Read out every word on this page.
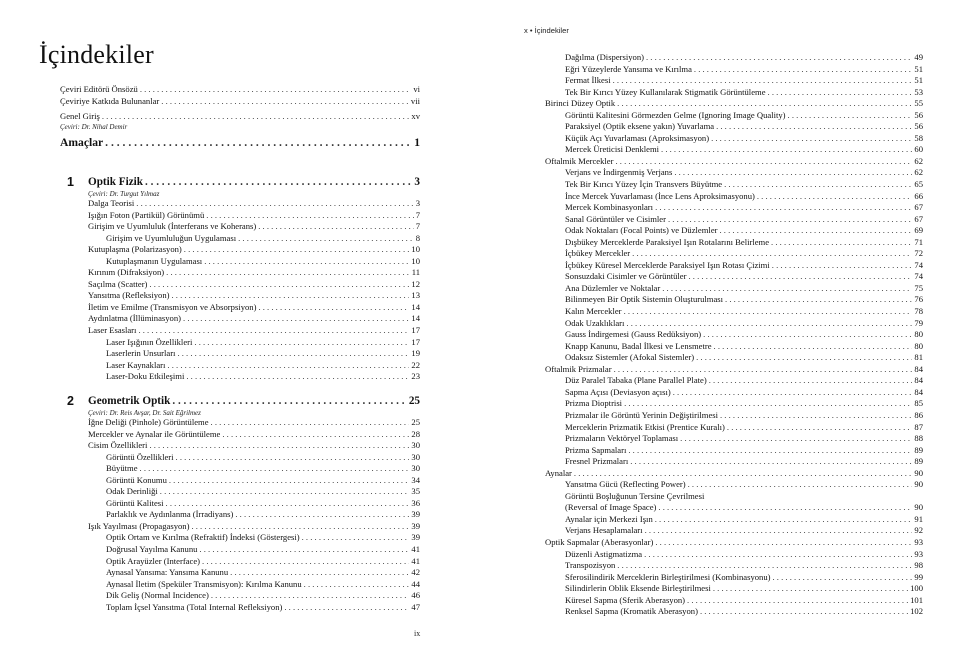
İçindekiler
x • İçindekiler
ix
Çeviri Editörü Önsözü . . .	vi
Çeviriye Katkıda Bulunanlar . . .	vii
Genel Giriş . . .	xv
Çeviri: Dr. Nihal Demir
Amaçlar . . .	1
1 Optik Fizik . . .	3
Çeviri: Dr. Turgut Yılmaz
Dalga Teorisi . . .	3
Işığın Foton (Partikül) Görünümü . . .	7
Girişim ve Uyumluluk (İnterferans ve Koherans) . . .	7
Girişim ve Uyumluluğun Uygulaması . . .	8
Kutuplaşma (Polarizasyon) . . .	10
Kutuplaşmanın Uygulaması . . .	10
Kırınım (Difraksiyon) . . .	11
Saçılma (Scatter) . . .	12
Yansıtma (Refleksiyon) . . .	13
İletim ve Emilme (Transmisyon ve Absorpsiyon) . . .	14
Aydınlatma (İllüminasyon) . . .	14
Laser Esasları . . .	17
Laser Işığının Özellikleri . . .	17
Laserlerin Unsurları . . .	19
Laser Kaynakları . . .	22
Laser-Doku Etkileşimi . . .	23
2 Geometrik Optik . . .	25
Çeviri: Dr. Reis Avşar, Dr. Sait Eğrilmez
İğne Deliği (Pinhole) Görüntüleme . . .	25
Mercekler ve Aynalar ile Görüntüleme . . .	28
Cisim Özellikleri . . .	30
Görüntü Özellikleri . . .	30
Büyütme . . .	30
Görüntü Konumu . . .	34
Odak Derinliği . . .	35
Görüntü Kalitesi . . .	36
Parlaklık ve Aydınlanma (İrradiyans) . . .	39
Işık Yayılması (Propagasyon) . . .	39
Optik Ortam ve Kırılma (Refraktif) İndeksi (Göstergesi) . . .	39
Doğrusal Yayılma Kanunu . . .	41
Optik Arayüzler (Interface) . . .	41
Aynasal Yansıma: Yansıma Kanunu . . .	42
Aynasal İletim (Speküler Transmisyon): Kırılma Kanunu . . .	44
Dik Geliş (Normal Incidence) . . .	46
Toplam İçsel Yansıtma (Total Internal Refleksiyon) . . .	47
Dağılma (Dispersiyon) . . .	49
Eğri Yüzeylerde Yansıma ve Kırılma . . .	51
Fermat İlkesi . . .	51
Tek Bir Kırıcı Yüzey Kullanılarak Stigmatik Görüntüleme . . .	53
Birinci Düzey Optik . . .	55
Görüntü Kalitesini Görmezden Gelme (Ignoring Image Quality) . . .	56
Paraksiyel (Optik eksene yakın) Yuvarlama . . .	56
Küçük Açı Yuvarlaması (Aproksimasyon) . . .	58
Mercek Üreticisi Denklemi . . .	60
Oftalmik Mercekler . . .	62
Verjans ve İndirgenmiş Verjans . . .	62
Tek Bir Kırıcı Yüzey İçin Transvers Büyütme . . .	65
İnce Mercek Yuvarlaması (İnce Lens Aproksimasyonu) . . .	66
Mercek Kombinasyonları . . .	67
Sanal Görüntüler ve Cisimler . . .	67
Odak Noktaları (Focal Points) ve Düzlemler . . .	69
Dışbükey Merceklerde Paraksiyel Işın Rotalarını Belirleme . . .	71
İçbükey Mercekler . . .	72
İçbükey Küresel Merceklerde Paraksiyel Işın Rotası Çizimi . . .	74
Sonsuzdaki Cisimler ve Görüntüler . . .	74
Ana Düzlemler ve Noktalar . . .	75
Bilinmeyen Bir Optik Sistemin Oluşturulması . . .	76
Kalın Mercekler . . .	78
Odak Uzaklıkları . . .	79
Gauss İndirgemesi (Gauss Redüksiyon) . . .	80
Knapp Kanunu, Badal İlkesi ve Lensmetre . . .	80
Odaksız Sistemler (Afokal Sistemler) . . .	81
Oftalmik Prizmalar . . .	84
Düz Paralel Tabaka (Plane Parallel Plate) . . .	84
Sapma Açısı (Deviasyon açısı) . . .	84
Prizma Dioptrisi . . .	85
Prizmalar ile Görüntü Yerinin Değiştirilmesi . . .	86
Merceklerin Prizmatik Etkisi (Prentice Kuralı) . . .	87
Prizmaların Vektöryel Toplaması . . .	88
Prizma Sapmaları . . .	89
Fresnel Prizmaları . . .	89
Aynalar . . .	90
Yansıtma Gücü (Reflecting Power) . . .	90
Görüntü Boşluğunun Tersine Çevrilmesi
(Reversal of Image Space) . . .	90
Aynalar için Merkezi Işın . . .	91
Verjans Hesaplamaları . . .	92
Optik Sapmalar (Aberasyonlar) . . .	93
Düzenli Astigmatizma . . .	93
Transpozisyon . . .	98
Sferosilindirik Merceklerin Birleştirilmesi (Kombinasyonu) . . .	99
Silindirlerin Oblik Eksende Birleştirilmesi . . .	100
Küresel Sapma (Sferik Aberasyon) . . .	101
Renksel Sapma (Kromatik Aberasyon) . . .	102
